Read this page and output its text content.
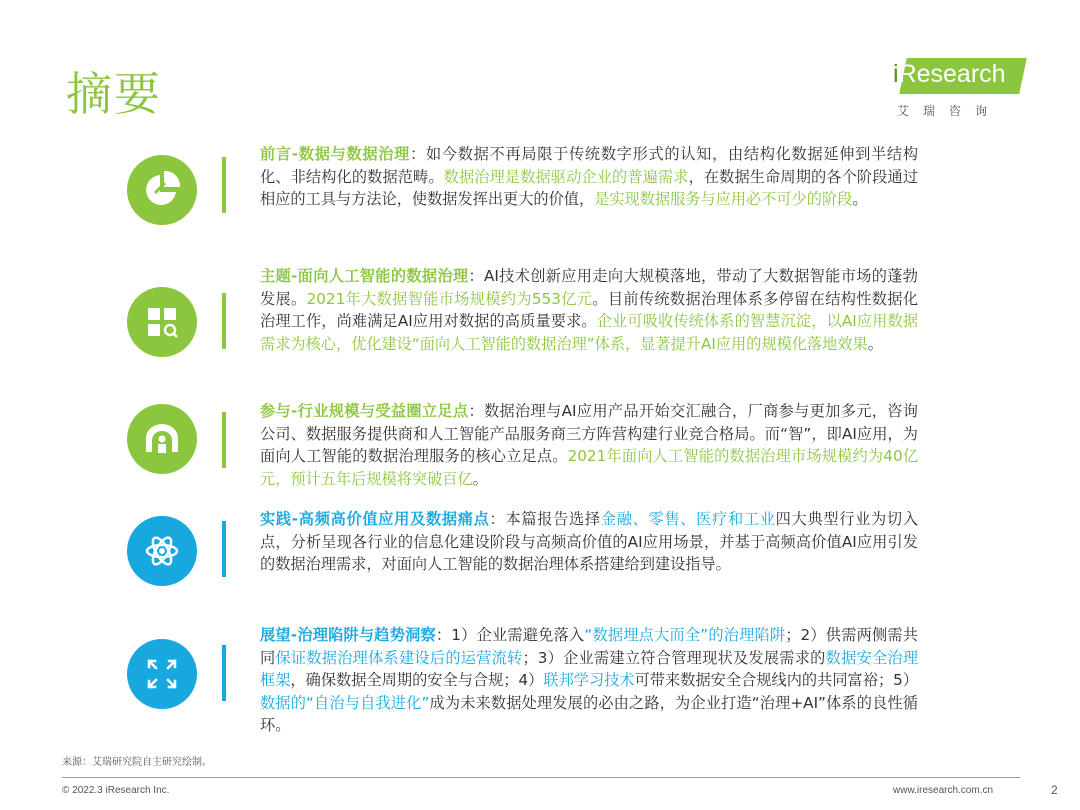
摘要	iResearch
艾瑞咨询
前言-数据与数据治理：如今数据不再局限于传统数字形式的认知，由结构化数据延伸到半结构化、非结构化的数据范畴。数据治理是数据驱动企业的普遍需求，在数据生命周期的各个阶段通过相应的工具与方法论，使数据发挥出更大的价值，是实现数据服务与应用必不可少的阶段。
主题-面向人工智能的数据治理：AI技术创新应用走向大规模落地，带动了大数据智能市场的蓬勃发展。2021年大数据智能市场规模约为553亿元。目前传统数据治理体系多停留在结构性数据化治理工作，尚难满足AI应用对数据的高质量要求。企业可吸收传统体系的智慧沉淀，以AI应用数据需求为核心，优化建设“面向人工智能的数据治理”体系，显著提升AI应用的规模化落地效果。
参与-行业规模与受益圈立足点：数据治理与AI应用产品开始交汇融合，厂商参与更加多元，咨询公司、数据服务提供商和人工智能产品服务商三方阵营构建行业竞合格局。而“智”，即AI应用，为面向人工智能的数据治理服务的核心立足点。2021年面向人工智能的数据治理市场规模约为40亿元，预计五年后规模将突破百亿。
实践-高频高价值应用及数据痛点：本篇报告选择金融、零售、医疗和工业四大典型行业为切入点，分析呈现各行业的信息化建设阶段与高频高价值的AI应用场景，并基于高频高价值AI应用引发的数据治理需求，对面向人工智能的数据治理体系搭建给到建设指导。
展望-治理陷阱与趋势洞察：1）企业需避免落入“数据埋点大而全”的治理陷阱；2）供需两侧需共同保证数据治理体系建设后的运营流转；3）企业需建立符合管理现状及发展需求的数据安全治理框架，确保数据全周期的安全与合规；4）联邦学习技术可带来数据安全合规线内的共同富裕；5）数据的“自治与自我进化”成为未来数据处理发展的必由之路，为企业打造“治理+AI”体系的良性循环。
来源：艾瑞研究院自主研究绘制。
© 2022.3 iResearch Inc.	www.iresearch.com.cn	2
